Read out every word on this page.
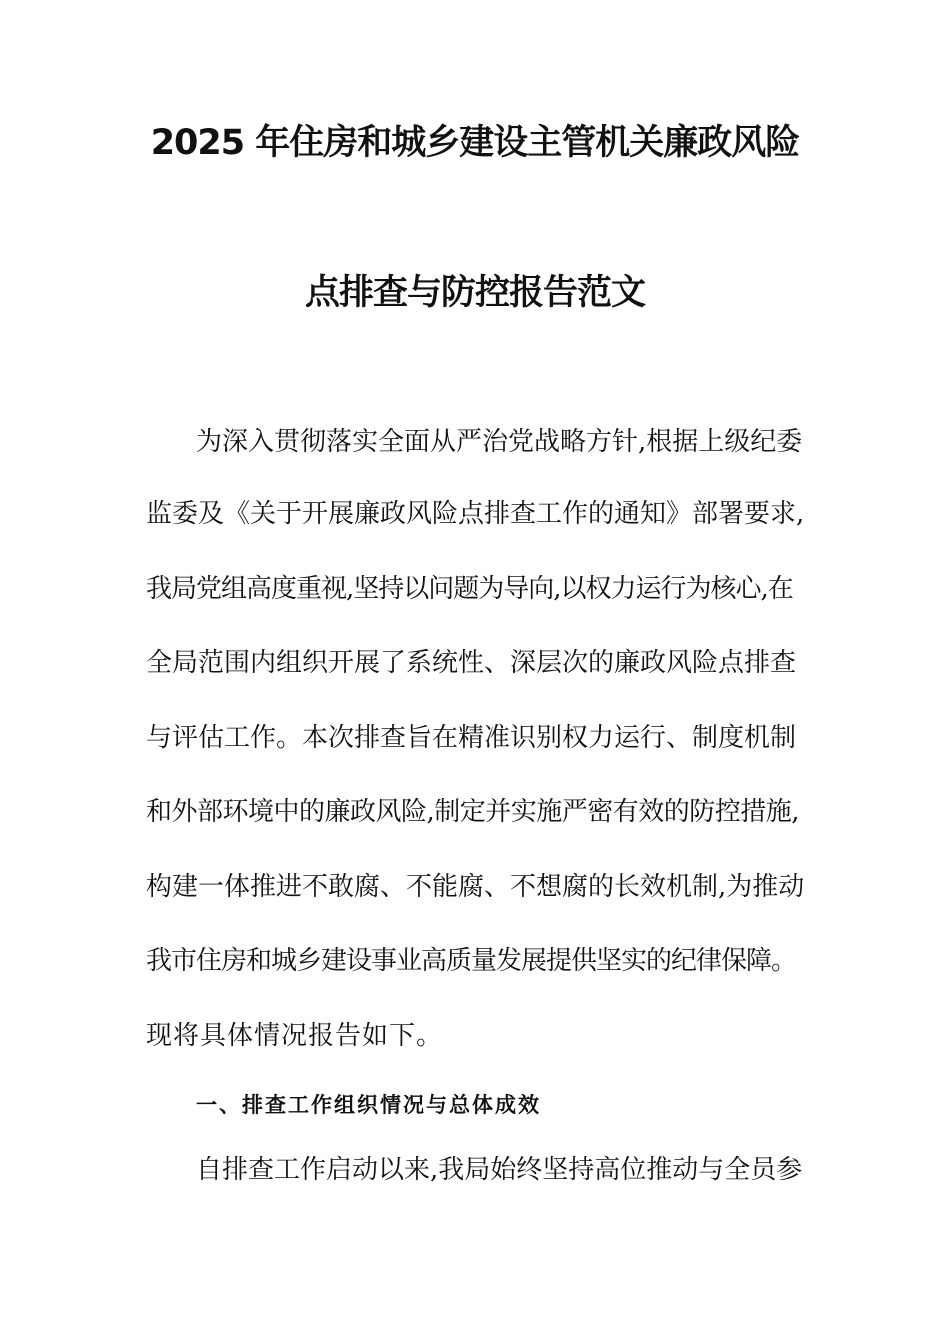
2025 年住房和城乡建设主管机关廉政风险
点排查与防控报告范文
为深入贯彻落实全面从严治党战略方针,根据上级纪委
监委及《关于开展廉政风险点排查工作的通知》部署要求,
我局党组高度重视,坚持以问题为导向,以权力运行为核心,在
全局范围内组织开展了系统性、深层次的廉政风险点排查
与评估工作。本次排查旨在精准识别权力运行、制度机制
和外部环境中的廉政风险,制定并实施严密有效的防控措施,
构建一体推进不敢腐、不能腐、不想腐的长效机制,为推动
我市住房和城乡建设事业高质量发展提供坚实的纪律保障。
现将具体情况报告如下。
一、排查工作组织情况与总体成效
自排查工作启动以来,我局始终坚持高位推动与全员参
